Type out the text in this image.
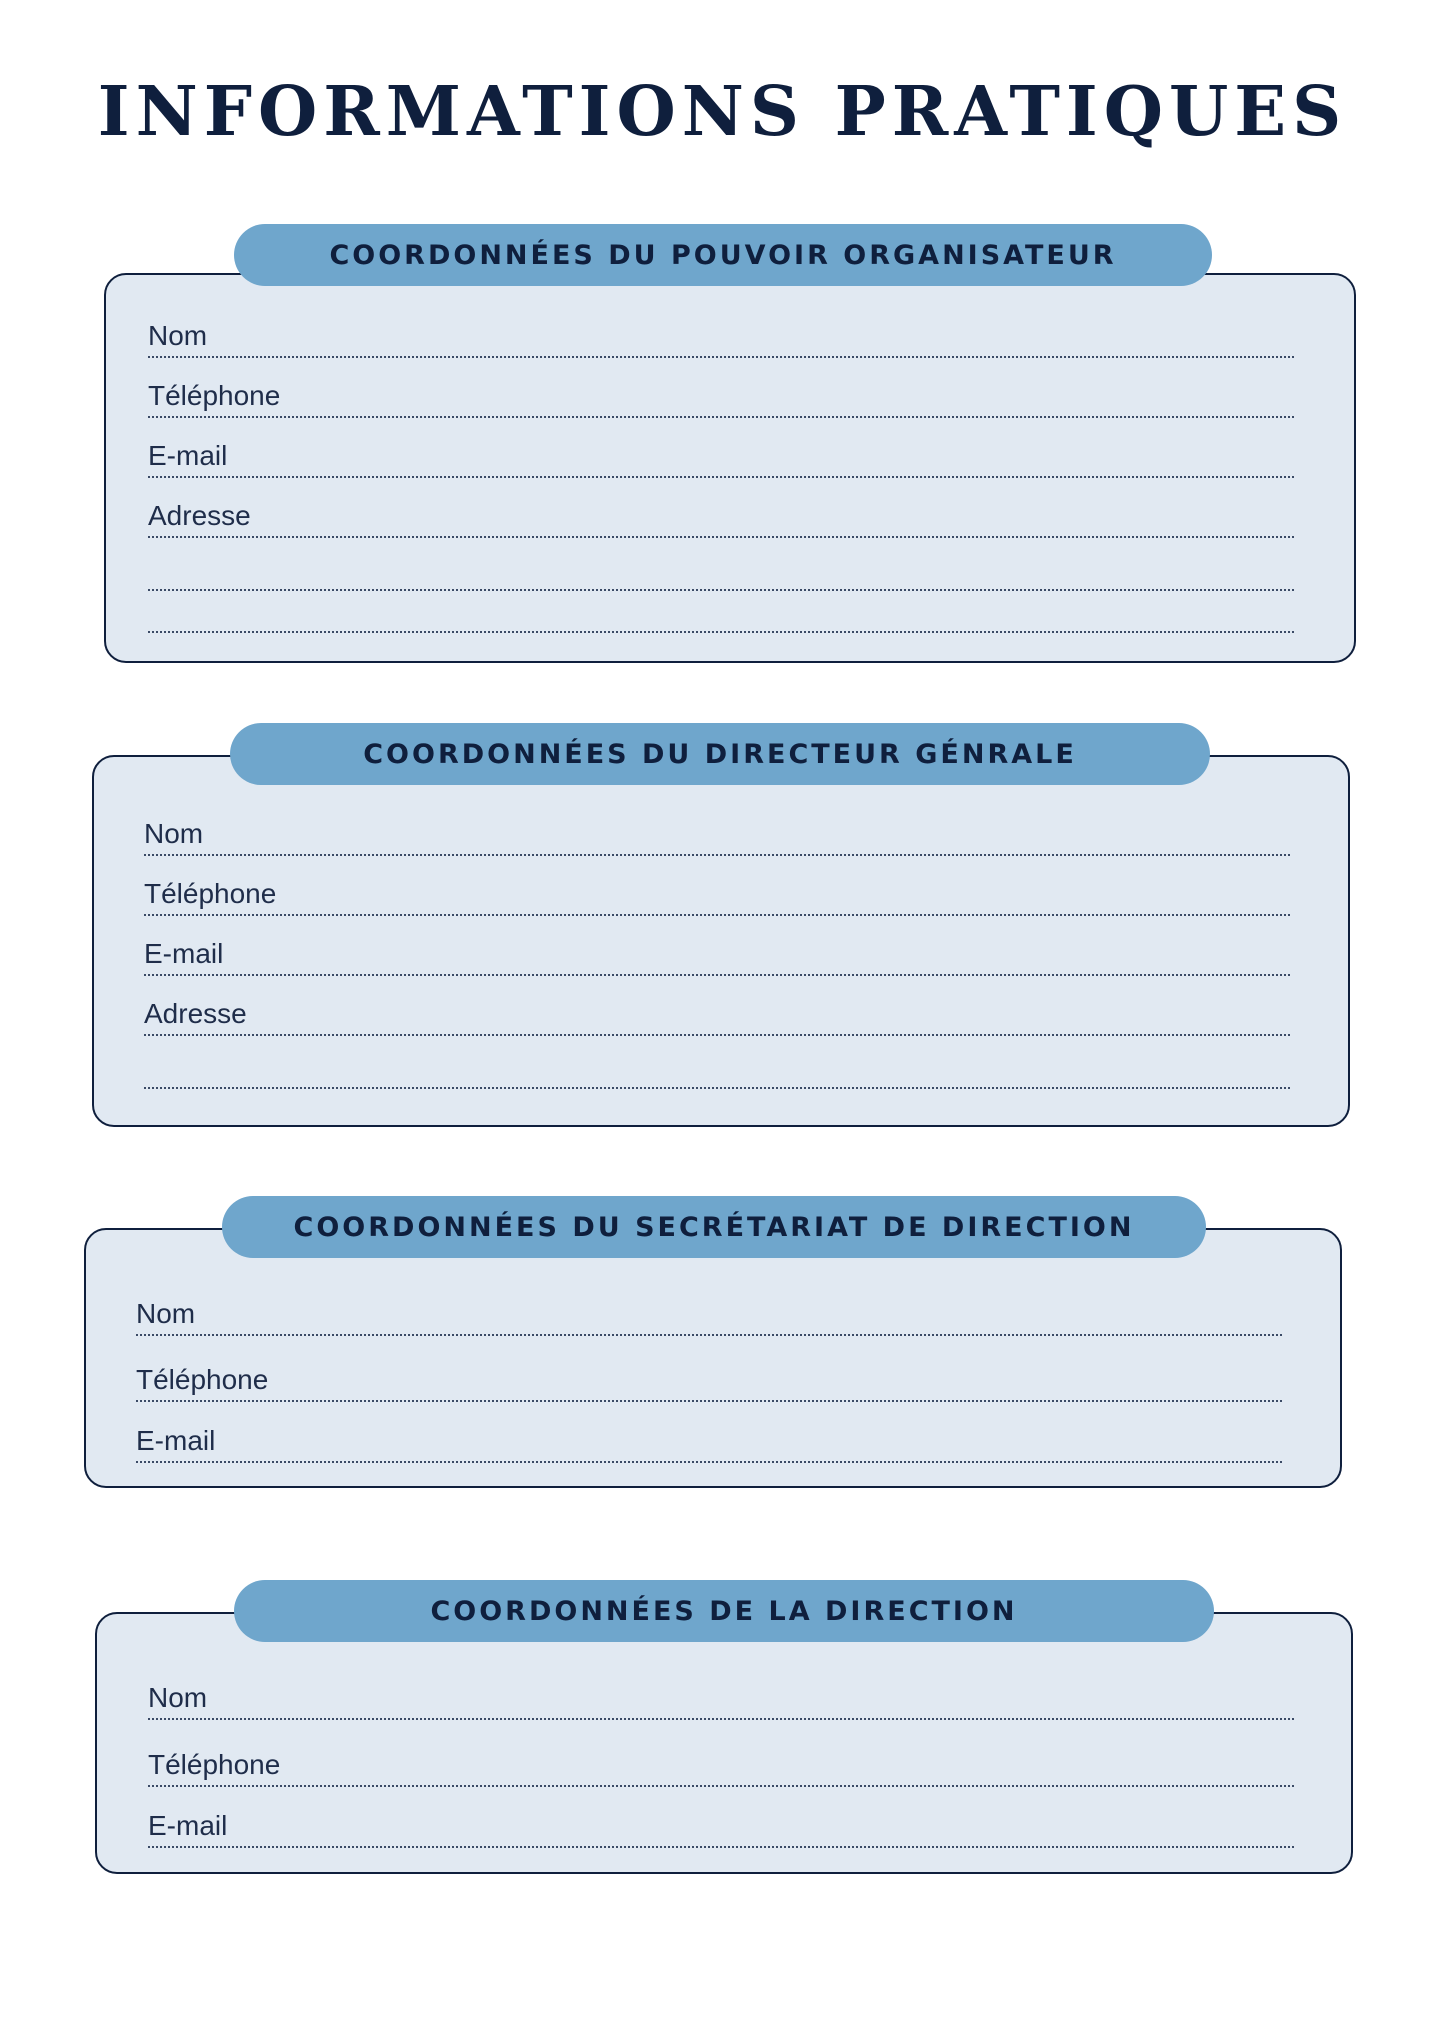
INFORMATIONS PRATIQUES
COORDONNÉES DU POUVOIR ORGANISATEUR
COORDONNÉES DU DIRECTEUR GÉNRALE
COORDONNÉES DU SECRÉTARIAT DE DIRECTION
COORDONNÉES DE LA DIRECTION
Nom
Téléphone
E-mail
Adresse
Nom
Téléphone
E-mail
Adresse
Nom
Téléphone
E-mail
Nom
Téléphone
E-mail
